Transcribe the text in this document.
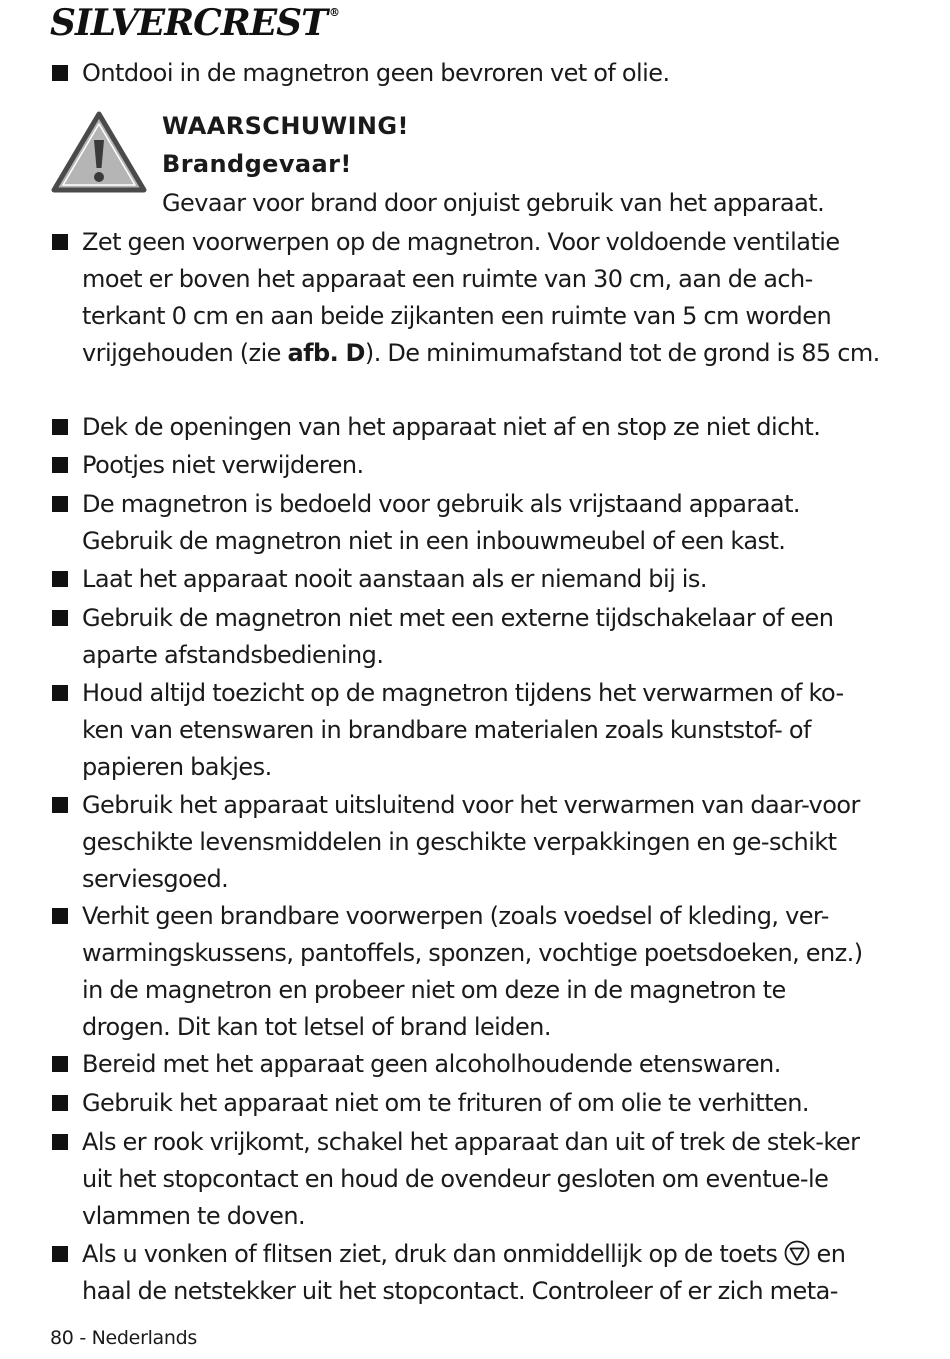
SILVERCREST ®
Ontdooi in de magnetron geen bevroren vet of olie.
WAARSCHUWING!
Brandgevaar!
Gevaar voor brand door onjuist gebruik van het apparaat.
Zet geen voorwerpen op de magnetron. Voor voldoende ventilatie moet er boven het apparaat een ruimte van 30 cm, aan de ach-terkant 0 cm en aan beide zijkanten een ruimte van 5 cm worden vrijgehouden (zie afb. D). De minimumafstand tot de grond is 85 cm.
Dek de openingen van het apparaat niet af en stop ze niet dicht.
Pootjes niet verwijderen.
De magnetron is bedoeld voor gebruik als vrijstaand apparaat. Gebruik de magnetron niet in een inbouwmeubel of een kast.
Laat het apparaat nooit aanstaan als er niemand bij is.
Gebruik de magnetron niet met een externe tijdschakelaar of een aparte afstandsbediening.
Houd altijd toezicht op de magnetron tijdens het verwarmen of ko-ken van etenswaren in brandbare materialen zoals kunststof- of papieren bakjes.
Gebruik het apparaat uitsluitend voor het verwarmen van daar-voor geschikte levensmiddelen in geschikte verpakkingen en ge-schikt serviesgoed.
Verhit geen brandbare voorwerpen (zoals voedsel of kleding, ver-warmingskussens, pantoffels, sponzen, vochtige poetsdoeken, enz.) in de magnetron en probeer niet om deze in de magnetron te drogen. Dit kan tot letsel of brand leiden.
Bereid met het apparaat geen alcoholhoudende etenswaren.
Gebruik het apparaat niet om te frituren of om olie te verhitten.
Als er rook vrijkomt, schakel het apparaat dan uit of trek de stek-ker uit het stopcontact en houd de ovendeur gesloten om eventue-le vlammen te doven.
Als u vonken of flitsen ziet, druk dan onmiddellijk op de toets  en haal de netstekker uit het stopcontact. Controleer of er zich meta-
80 - Nederlands
